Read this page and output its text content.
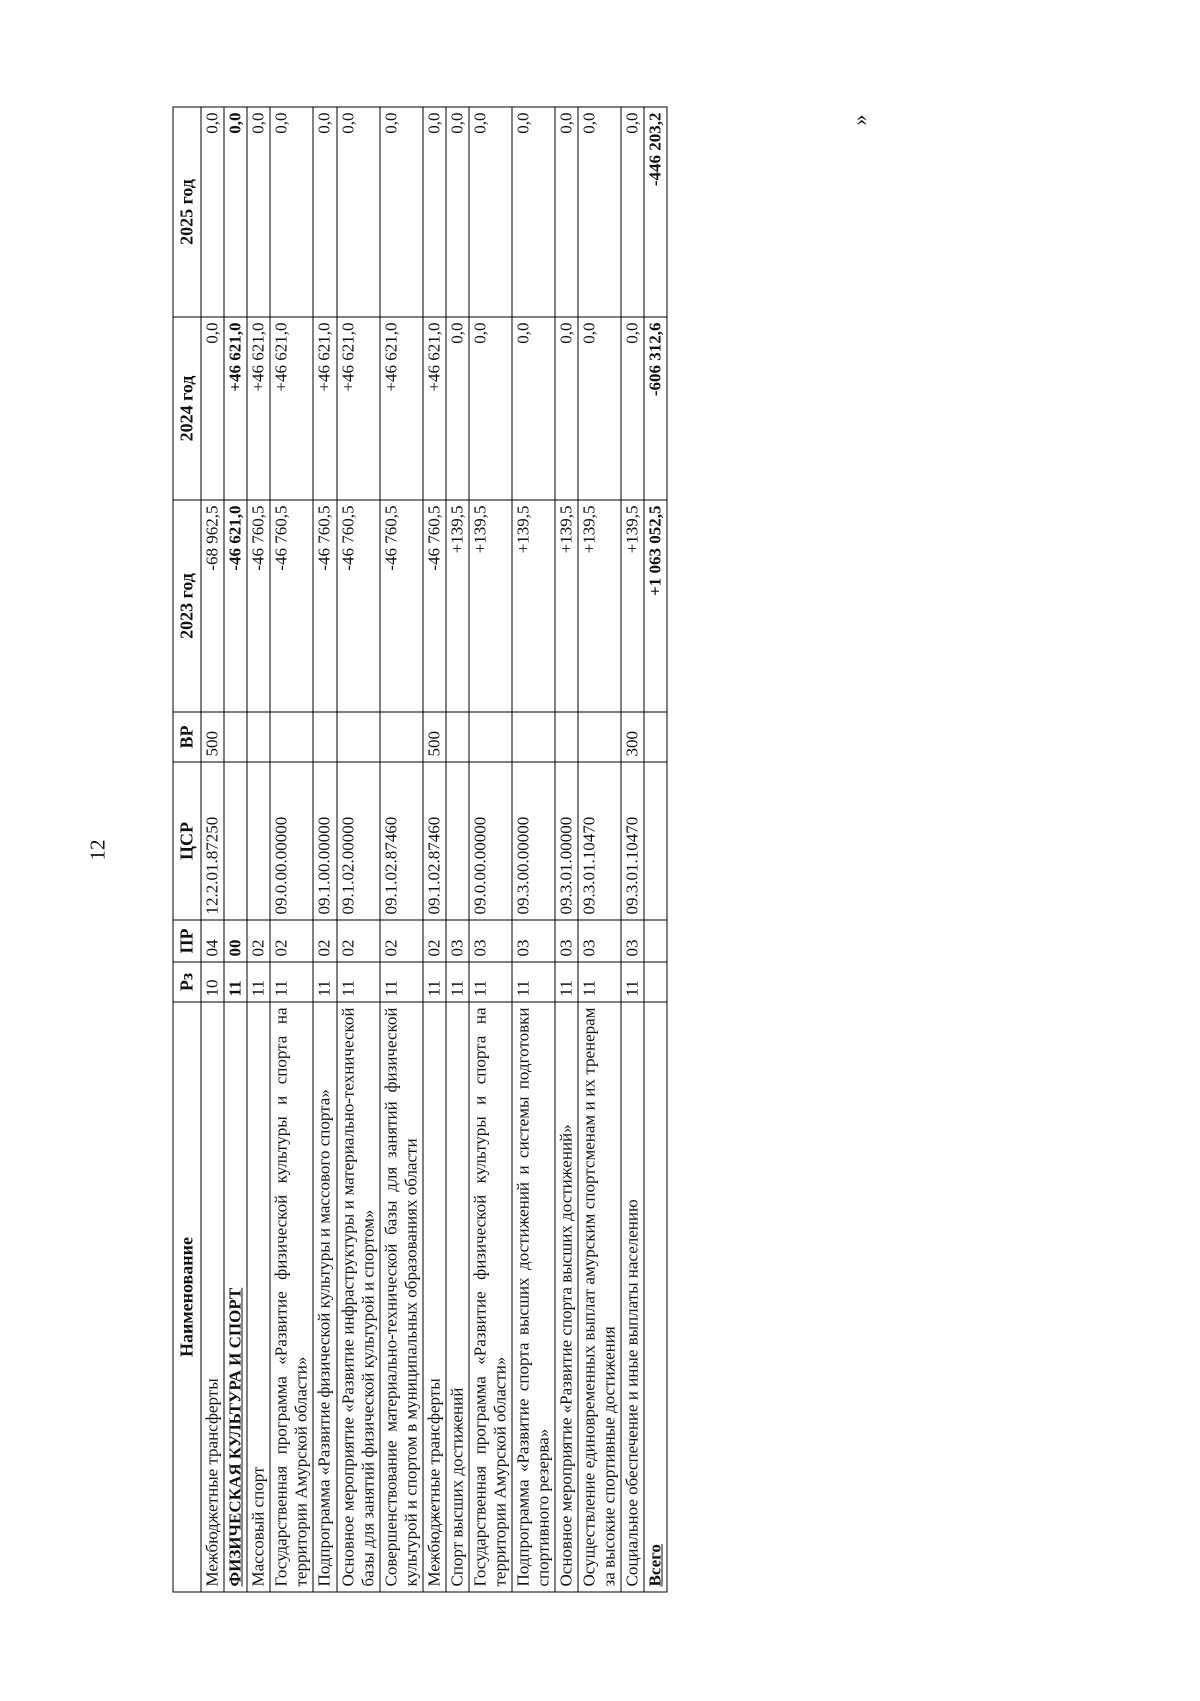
12
Наименование	Рз	ПР	ЦСР	ВР	2023 год	2024 год	2025 год
Межбюджетные трансферты	10	04	12.2.01.87250	500	-68 962,5	0,0	0,0
ФИЗИЧЕСКАЯ КУЛЬТУРА И СПОРТ	11	00			-46 621,0	+46 621,0	0,0
Массовый спорт	11	02			-46 760,5	+46 621,0	0,0
Государственная программа «Развитие физической культуры и спорта на территории Амурской области»	11	02	09.0.00.00000		-46 760,5	+46 621,0	0,0
Подпрограмма «Развитие физической культуры и массового спорта»	11	02	09.1.00.00000		-46 760,5	+46 621,0	0,0
Основное мероприятие «Развитие инфраструктуры и материально-технической базы для занятий физической культурой и спортом»	11	02	09.1.02.00000		-46 760,5	+46 621,0	0,0
Совершенствование материально-технической базы для занятий физической культурой и спортом в муниципальных образованиях области	11	02	09.1.02.87460		-46 760,5	+46 621,0	0,0
Межбюджетные трансферты	11	02	09.1.02.87460	500	-46 760,5	+46 621,0	0,0
Спорт высших достижений	11	03			+139,5	0,0	0,0
Государственная программа «Развитие физической культуры и спорта на территории Амурской области»	11	03	09.0.00.00000		+139,5	0,0	0,0
Подпрограмма «Развитие спорта высших достижений и системы подготовки спортивного резерва»	11	03	09.3.00.00000		+139,5	0,0	0,0
Основное мероприятие «Развитие спорта высших достижений»	11	03	09.3.01.00000		+139,5	0,0	0,0
Осуществление единовременных выплат амурским спортсменам и их тренерам за высокие спортивные достижения	11	03	09.3.01.10470		+139,5	0,0	0,0
Социальное обеспечение и иные выплаты населению	11	03	09.3.01.10470	300	+139,5	0,0	0,0
Всего					+1 063 052,5	-606 312,6	-446 203,2	»
